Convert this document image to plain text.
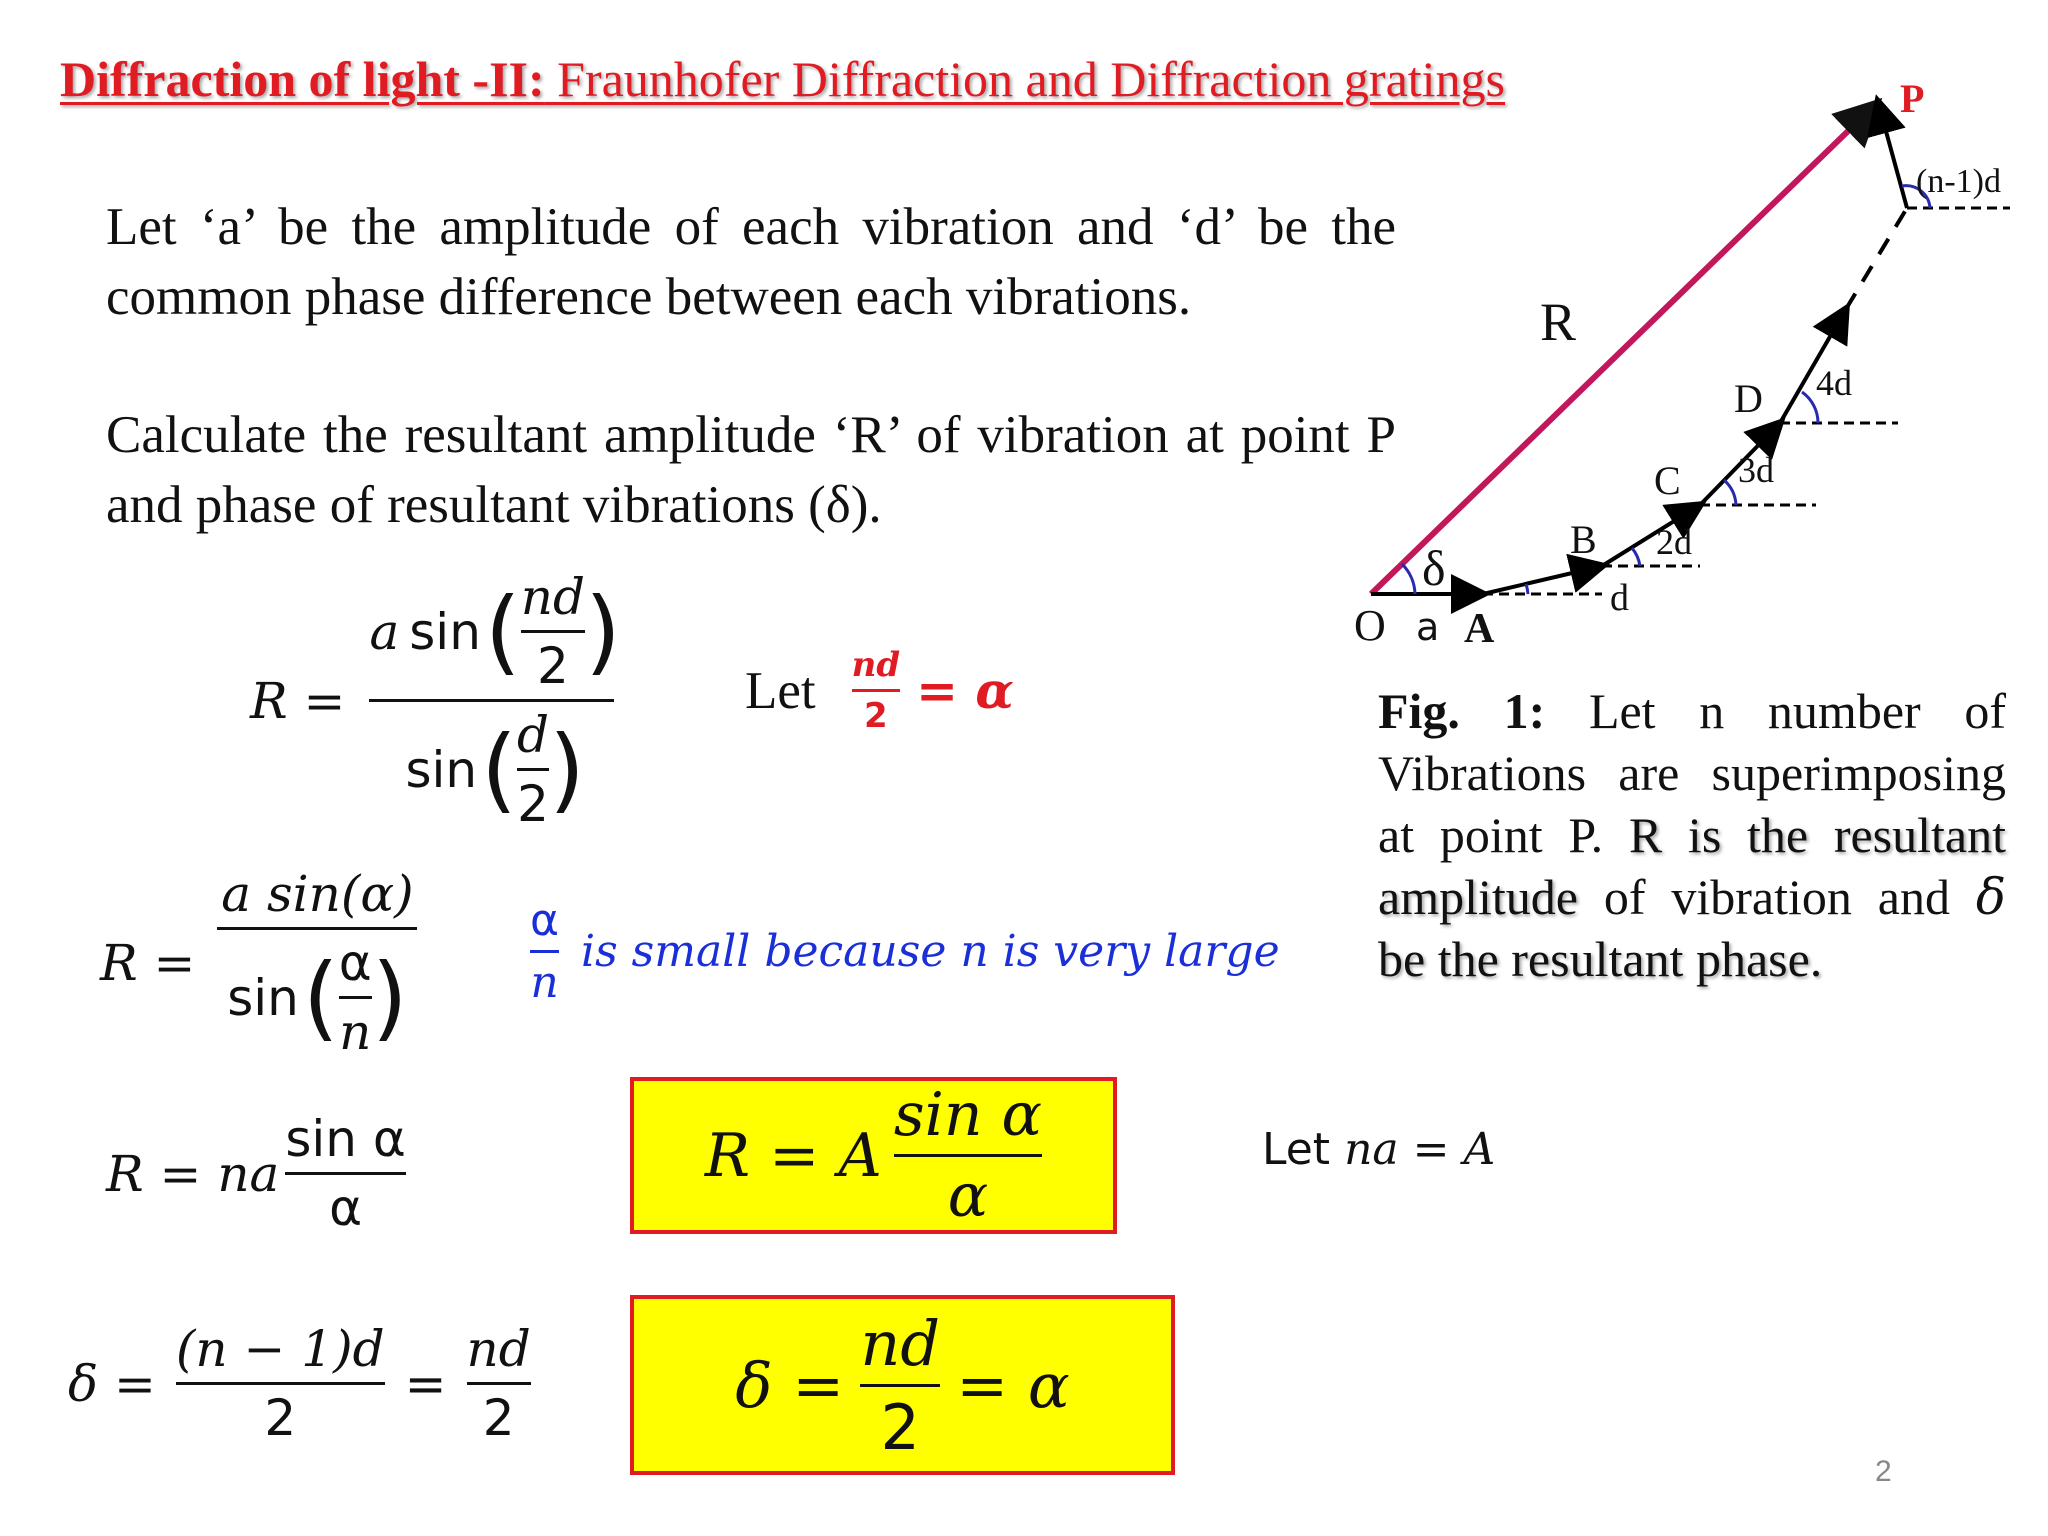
Diffraction of light -II: Fraunhofer Diffraction and Diffraction gratings

Let ‘a’ be the amplitude of each vibration and ‘d’ be the common phase difference between each vibrations.

Calculate the resultant amplitude ‘R’ of vibration at point P and phase of resultant vibrations (δ).

$R = \frac{a \sin ( \frac{nd}{2} )}{\sin ( \frac{d}{2} )}$ Let $\frac{nd}{2} = \alpha$
$R = \frac{\text{a sin(α)}}{\sin ( \frac{\alpha}{n} )}$	$\frac{\alpha}{n}$ is small because n is very large
R = na $\frac{\text{sin α}}{\alpha}$	R = A $\frac{\text{sin α}}{\alpha}$	Let na = A
$\delta = \frac{(n - 1)d}{2} = \frac{nd}{2}$	$\delta = \frac{nd}{2} = \alpha$
P
R
δ
O a A
B
C
D
d
2d
3d
4d
(n-1)d
Fig. 1: Let n number of Vibrations are superimposing at point P. R is the resultant amplitude of vibration and δ be the resultant phase.
2
